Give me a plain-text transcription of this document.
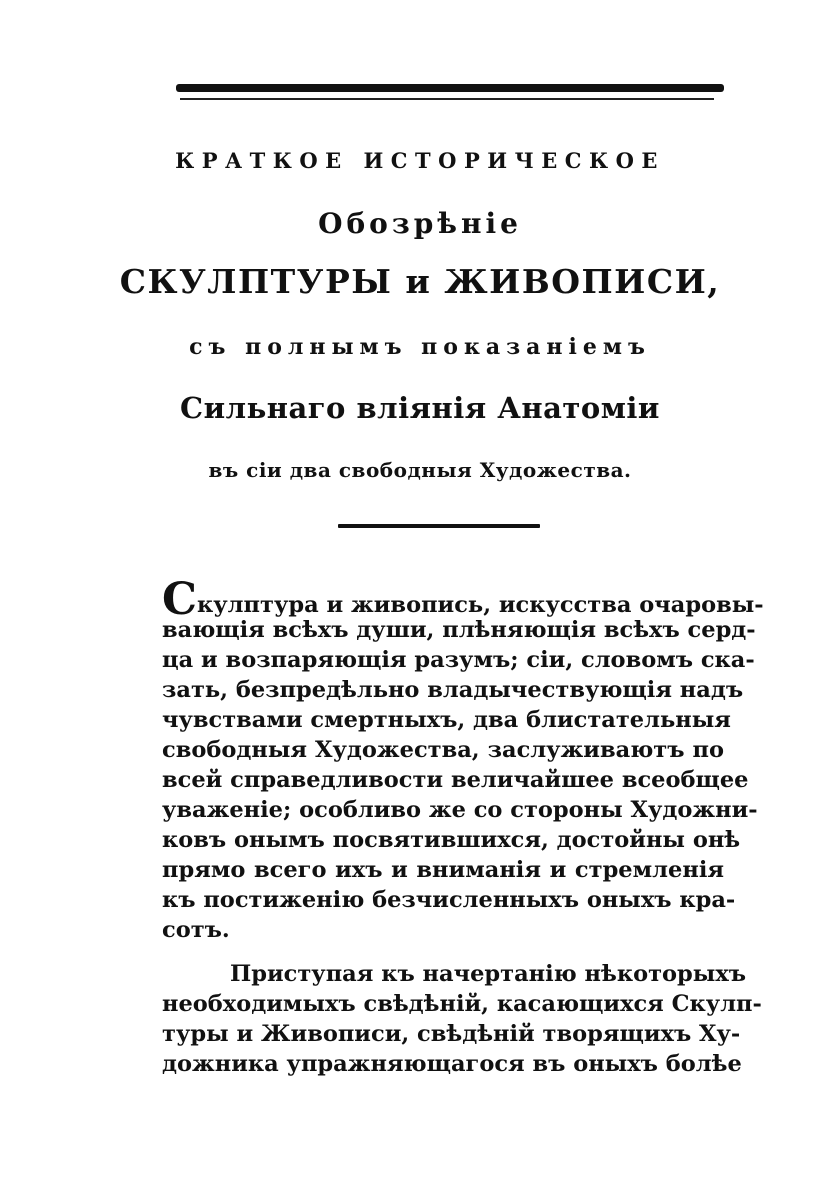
КРАТКОЕ ИСТОРИЧЕСКОЕ
Обозрѣніе
СКУЛПТУРЫ и ЖИВОПИСИ,
съ полнымъ показаніемъ
Сильнаго вліянія Анатоміи
въ сіи два свободныя Художества.
Скулптура и живопись, искусства очаровы-
вающія всѣхъ души, плѣняющія всѣхъ серд-
ца и возпаряющія разумъ; сіи, словомъ ска-
зать, безпредѣльно владычествующія надъ
чувствами смертныхъ, два блистательныя
свободныя Художества, заслуживаютъ по
всей справедливости величайшее всеобщее
уваженіе; особливо же со стороны Художни-
ковъ онымъ посвятившихся, достойны онѣ
прямо всего ихъ и вниманія и стремленія
къ постиженію безчисленныхъ оныхъ кра-
сотъ.
Приступая къ начертанію нѣкоторыхъ
необходимыхъ свѣдѣній, касающихся Скулп-
туры и Живописи, свѣдѣній творящихъ Ху-
дожника упражняющагося въ оныхъ болѣе
